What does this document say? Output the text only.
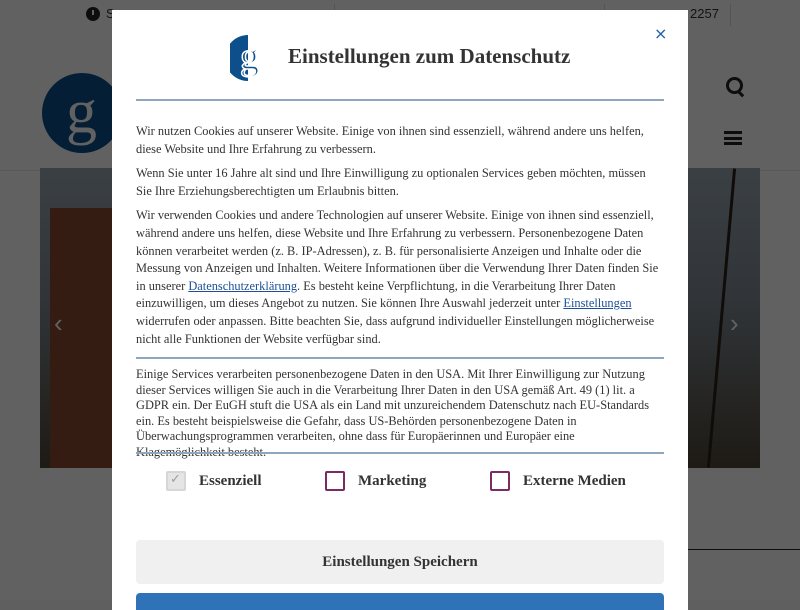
×
g Einstellungen zum Datenschutz

Wir nutzen Cookies auf unserer Website. Einige von ihnen sind essenziell, während andere uns helfen, diese Website und Ihre Erfahrung zu verbessern.

Wenn Sie unter 16 Jahre alt sind und Ihre Einwilligung zu optionalen Services geben möchten, müssen Sie Ihre Erziehungsberechtigten um Erlaubnis bitten.

Wir verwenden Cookies und andere Technologien auf unserer Website. Einige von ihnen sind essenziell, während andere uns helfen, diese Website und Ihre Erfahrung zu verbessern. Personenbezogene Daten können verarbeitet werden (z. B. IP-Adressen), z. B. für personalisierte Anzeigen und Inhalte oder die Messung von Anzeigen und Inhalten. Weitere Informationen über die Verwendung Ihrer Daten finden Sie in unserer Datenschutzerklärung. Es besteht keine Verpflichtung, in die Verarbeitung Ihrer Daten einzuwilligen, um dieses Angebot zu nutzen. Sie können Ihre Auswahl jederzeit unter Einstellungen widerrufen oder anpassen. Bitte beachten Sie, dass aufgrund individueller Einstellungen möglicherweise nicht alle Funktionen der Website verfügbar sind.

Einige Services verarbeiten personenbezogene Daten in den USA. Mit Ihrer Einwilligung zur Nutzung dieser Services willigen Sie auch in die Verarbeitung Ihrer Daten in den USA gemäß Art. 49 (1) lit. a GDPR ein. Der EuGH stuft die USA als ein Land mit unzureichendem Datenschutz nach EU-Standards ein. Es besteht beispielsweise die Gefahr, dass US-Behörden personenbezogene Daten in Überwachungsprogrammen verarbeiten, ohne dass für Europäerinnen und Europäer eine
✓
Essenziell	Marketing	Externe Medien
Einstellungen Speichern
